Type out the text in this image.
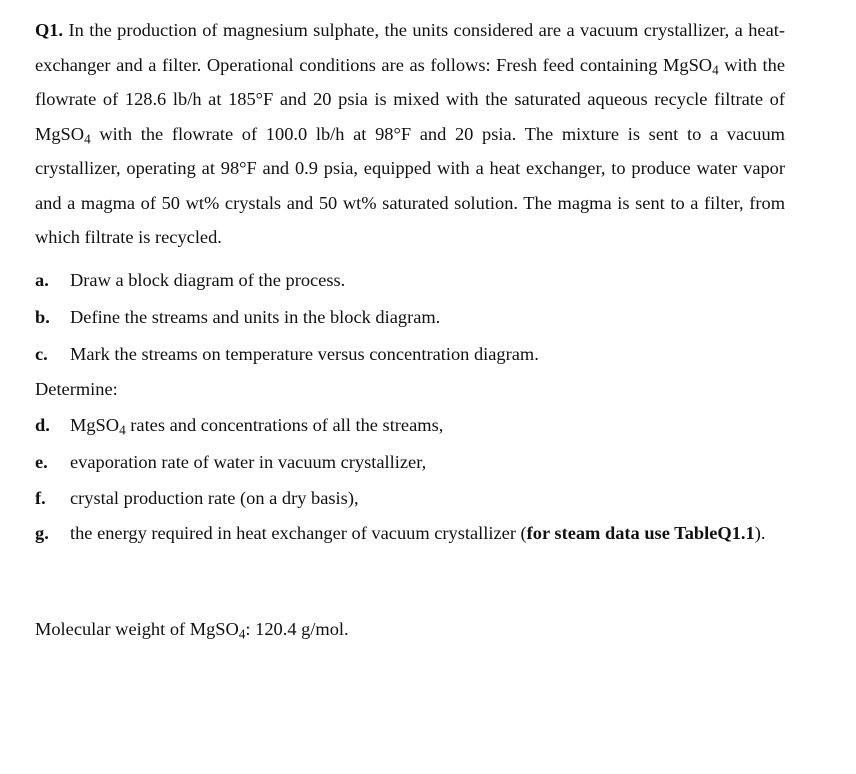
Q1. In the production of magnesium sulphate, the units considered are a vacuum crystallizer, a heat-exchanger and a filter. Operational conditions are as follows: Fresh feed containing MgSO$_4$ with the flowrate of 128.6 lb/h at 185°F and 20 psia is mixed with the saturated aqueous recycle filtrate of MgSO$_4$ with the flowrate of 100.0 lb/h at 98°F and 20 psia. The mixture is sent to a vacuum crystallizer, operating at 98°F and 0.9 psia, equipped with a heat exchanger, to produce water vapor and a magma of 50 wt% crystals and 50 wt% saturated solution. The magma is sent to a filter, from which filtrate is recycled.
a.	Draw a block diagram of the process.
b.	Define the streams and units in the block diagram.
c.	Mark the streams on temperature versus concentration diagram.
Determine:
d.	MgSO$_4$ rates and concentrations of all the streams,
e.	evaporation rate of water in vacuum crystallizer,
f.	crystal production rate (on a dry basis),
g.	the energy required in heat exchanger of vacuum crystallizer (for steam data use TableQ1.1).
Molecular weight of MgSO$_4$: 120.4 g/mol.
